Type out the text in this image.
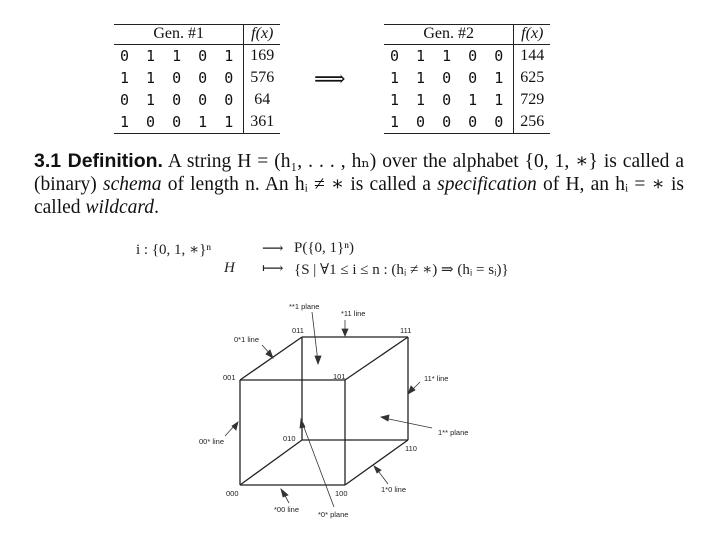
Gen. #1	f(x)
0 1 1 0 1	169
1 1 0 0 0	576
0 1 0 0 0	64
1 0 0 1 1	361
⟹
Gen. #2	f(x)
0 1 1 0 0	144
1 1 0 0 1	625
1 1 0 1 1	729
1 0 0 0 0	256
3.1 Definition. A string H = (h₁, . . . , hₙ) over the alphabet {0, 1, ∗} is called a (binary) schema of length n. An hᵢ ≠ ∗ is called a specification of H, an hᵢ = ∗ is called wildcard.
i : {0, 1, ∗}ⁿ	⟶ P({0, 1}ⁿ)
H ⟼ {S | ∀1 ≤ i ≤ n : (hᵢ ≠ ∗) ⇒ (hᵢ = sᵢ)}
000	100
010
110
001	101
011	111
**1 plane
*11 line
0*1 line
11* line
00* line
1** plane
1*0 line
*00 line
*0* plane
